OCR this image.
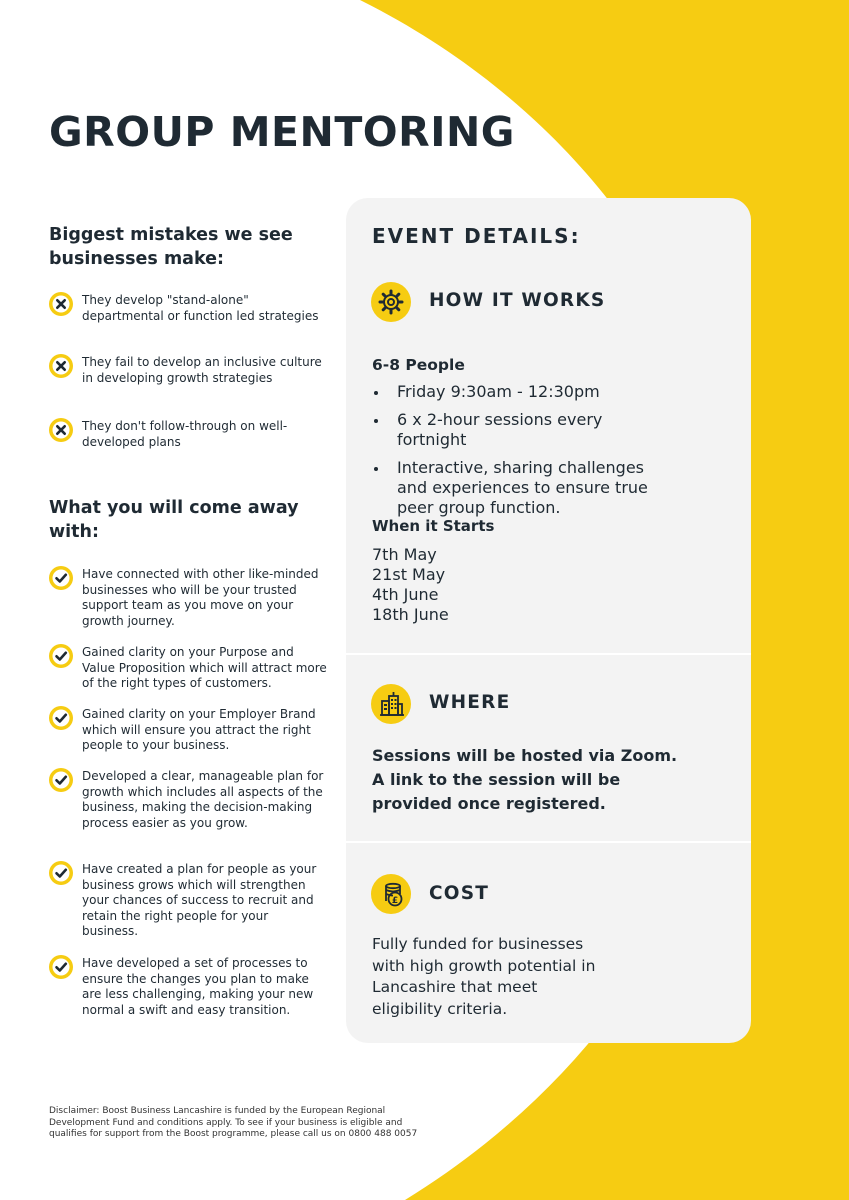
GROUP MENTORING
Biggest mistakes we see businesses make:
They develop "stand-alone" departmental or function led strategies
They fail to develop an inclusive culture in developing growth strategies
They don't follow-through on well-developed plans
What you will come away with:
Have connected with other like-minded businesses who will be your trusted support team as you move on your growth journey.
Gained clarity on your Purpose and Value Proposition which will attract more of the right types of customers.
Gained clarity on your Employer Brand which will ensure you attract the right people to your business.
Developed a clear, manageable plan for growth which includes all aspects of the business, making the decision-making process easier as you grow.
Have created a plan for people as your business grows which will strengthen your chances of success to recruit and retain the right people for your business.
Have developed a set of processes to ensure the changes you plan to make are less challenging, making your new normal a swift and easy transition.
EVENT DETAILS:
HOW IT WORKS
6-8 People
Friday 9:30am - 12:30pm
6 x 2-hour sessions every fortnight
Interactive, sharing challenges and experiences to ensure true peer group function.
When it Starts
7th May
21st May
4th June
18th June
WHERE
Sessions will be hosted via Zoom. A link to the session will be provided once registered.
£ COST
Fully funded for businesses with high growth potential in Lancashire that meet eligibility criteria.
Disclaimer: Boost Business Lancashire is funded by the European Regional Development Fund and conditions apply. To see if your business is eligible and qualifies for support from the Boost programme, please call us on 0800 488 0057
